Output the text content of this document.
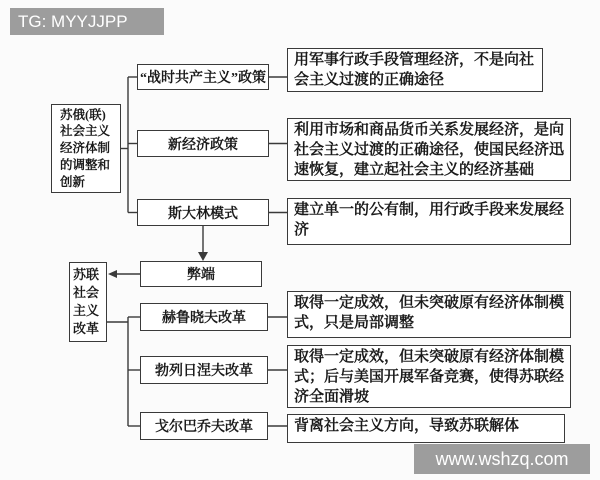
TG: MYYJJPP
苏俄(联)社会主义经济体制的调整和创新
“战时共产主义”政策
用军事行政手段管理经济，不是向社会主义过渡的正确途径
新经济政策
利用市场和商品货币关系发展经济，是向社会主义过渡的正确途径，使国民经济迅速恢复，建立起社会主义的经济基础
斯大林模式	建立单一的公有制，用行政手段来发展经济
弊端
苏联社会主义改革
赫鲁晓夫改革
取得一定成效，但未突破原有经济体制模式，只是局部调整
勃列日涅夫改革
取得一定成效，但未突破原有经济体制模式；后与美国开展军备竞赛，使得苏联经济全面滑坡
戈尔巴乔夫改革	背离社会主义方向，导致苏联解体
www.wshzq.com
